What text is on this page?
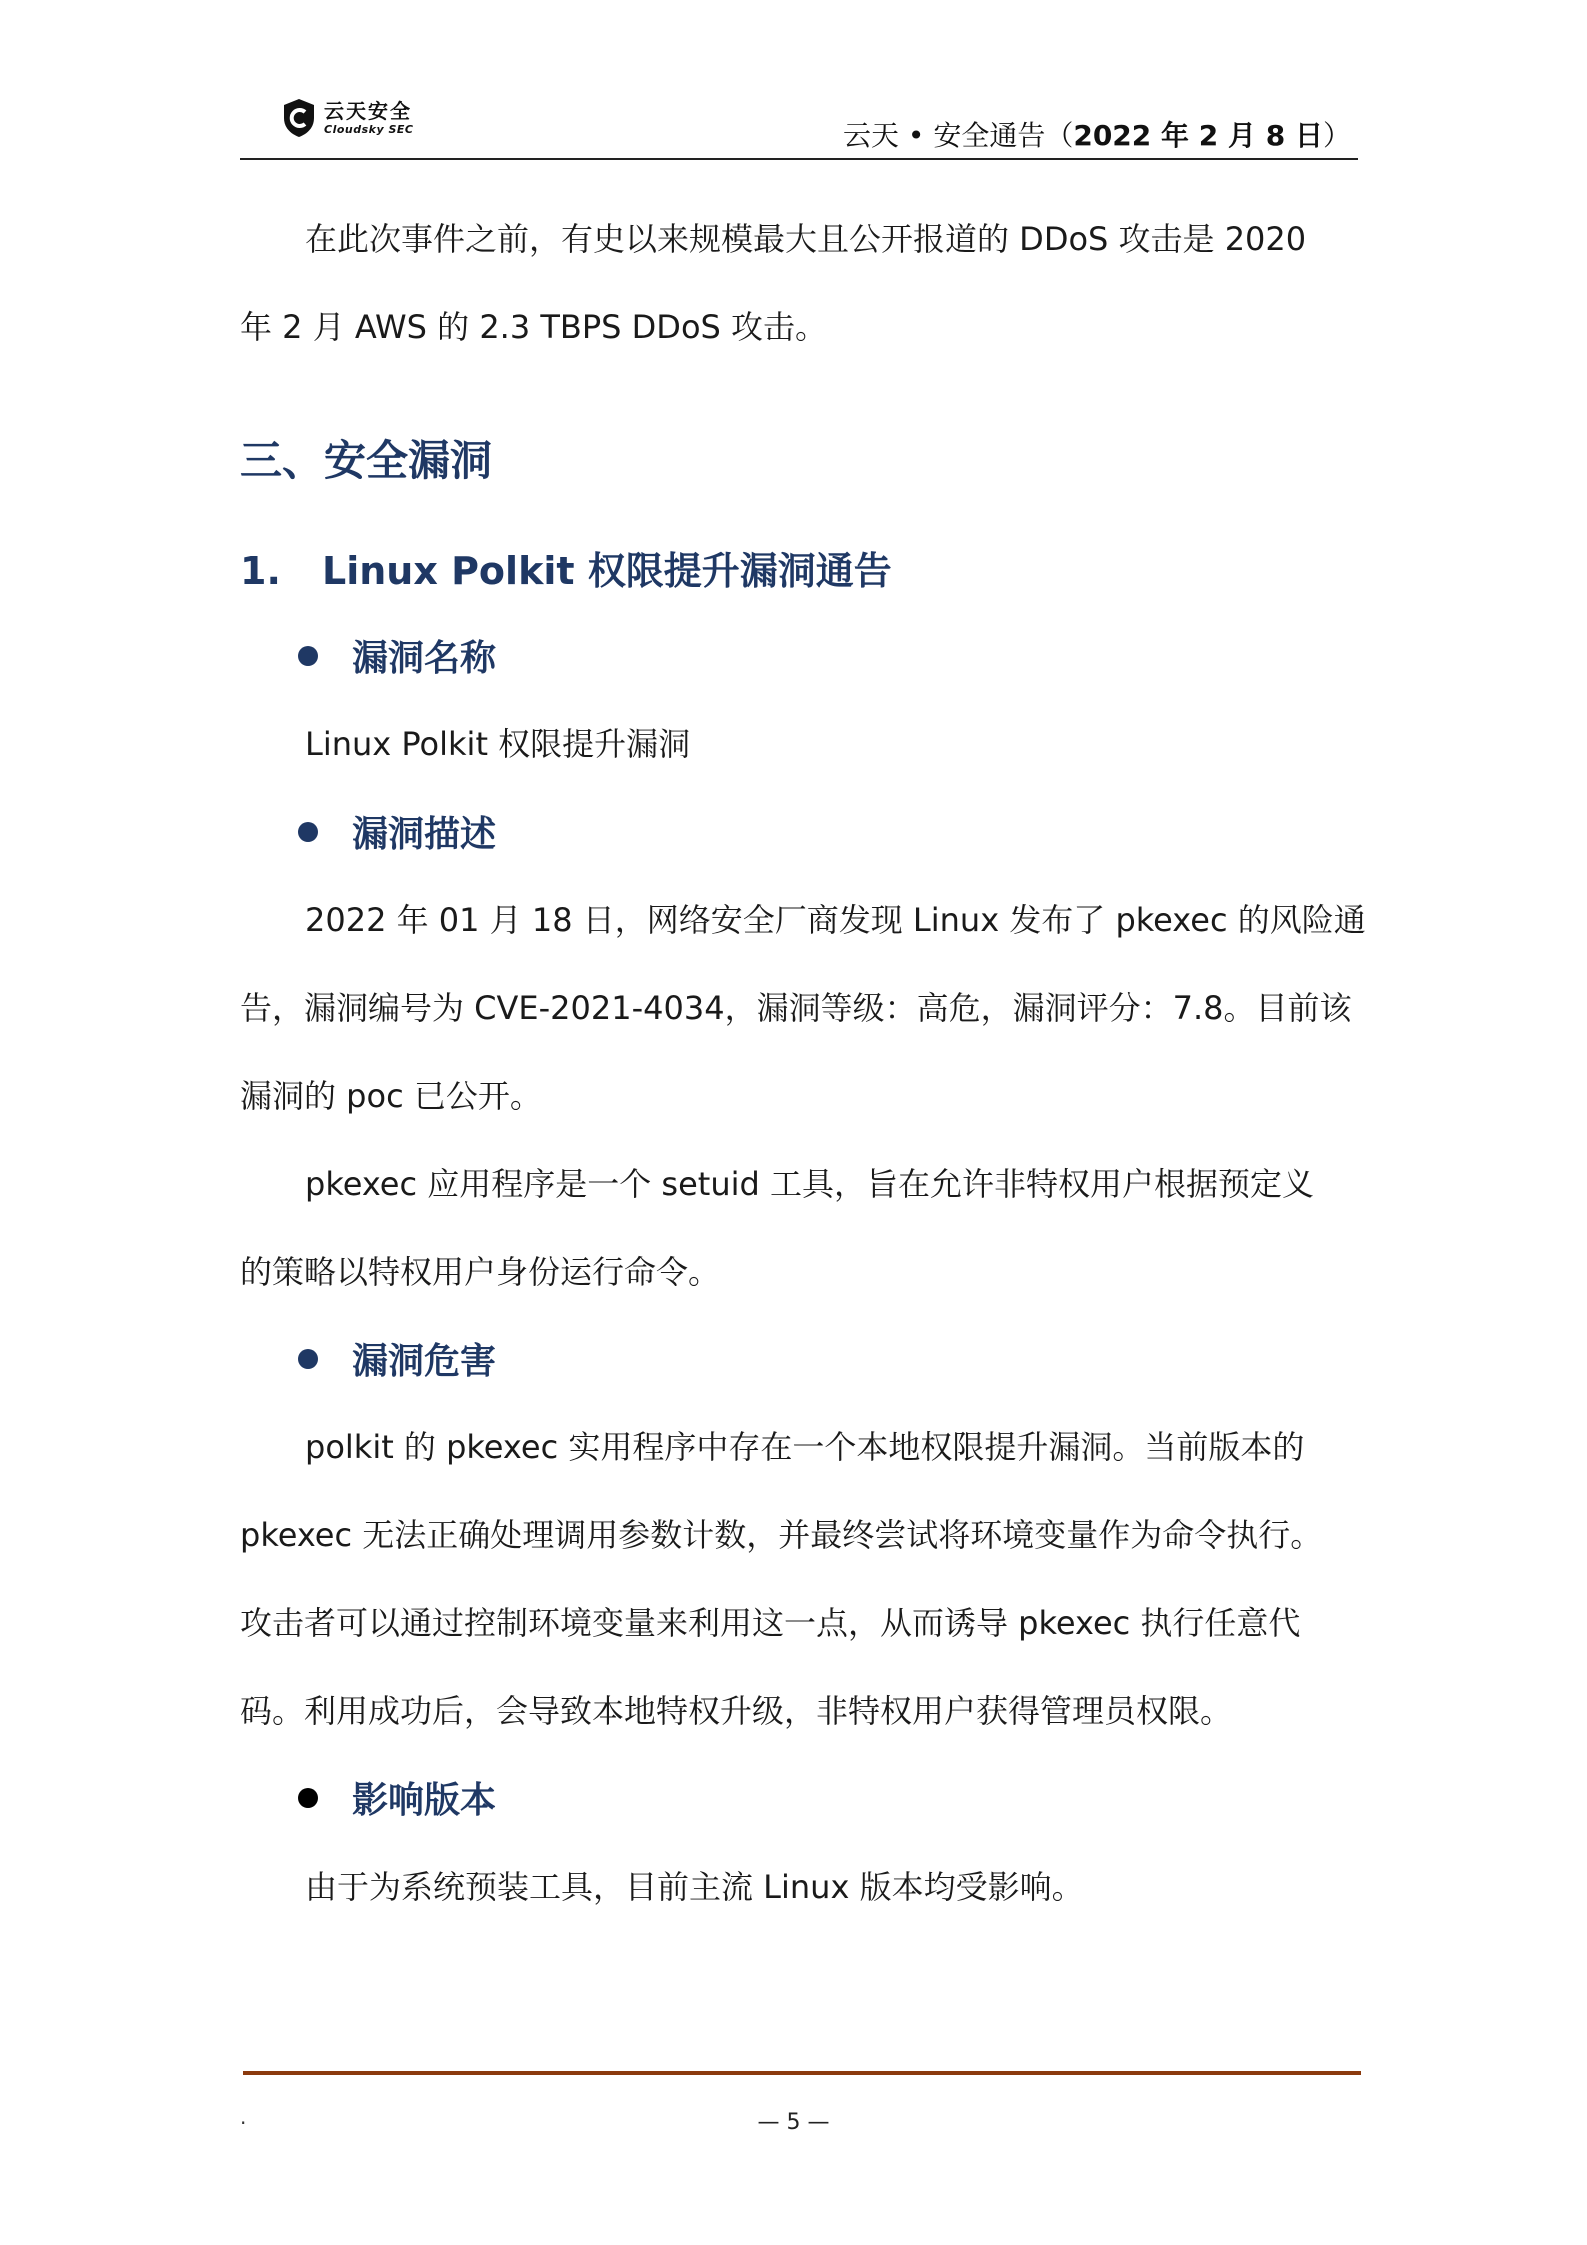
云天安全
Cloudsky SEC	云天 • 安全通告（2022 年 2 月 8 日）

在此次事件之前，有史以来规模最大且公开报道的 DDoS 攻击是 2020
年 2 月 AWS 的 2.3 TBPS DDoS 攻击。

三、安全漏洞
1. Linux Polkit 权限提升漏洞通告
漏洞名称

Linux Polkit 权限提升漏洞

漏洞描述

2022 年 01 月 18 日，网络安全厂商发现 Linux 发布了 pkexec 的风险通
告，漏洞编号为 CVE-2021-4034，漏洞等级：高危，漏洞评分：7.8。目前该
漏洞的 poc 已公开。

pkexec 应用程序是一个 setuid 工具，旨在允许非特权用户根据预定义
的策略以特权用户身份运行命令。

漏洞危害

polkit 的 pkexec 实用程序中存在一个本地权限提升漏洞。当前版本的
pkexec 无法正确处理调用参数计数，并最终尝试将环境变量作为命令执行。
攻击者可以通过控制环境变量来利用这一点，从而诱导 pkexec 执行任意代
码。利用成功后，会导致本地特权升级，非特权用户获得管理员权限。

影响版本

由于为系统预装工具，目前主流 Linux 版本均受影响。

.	— 5 —
